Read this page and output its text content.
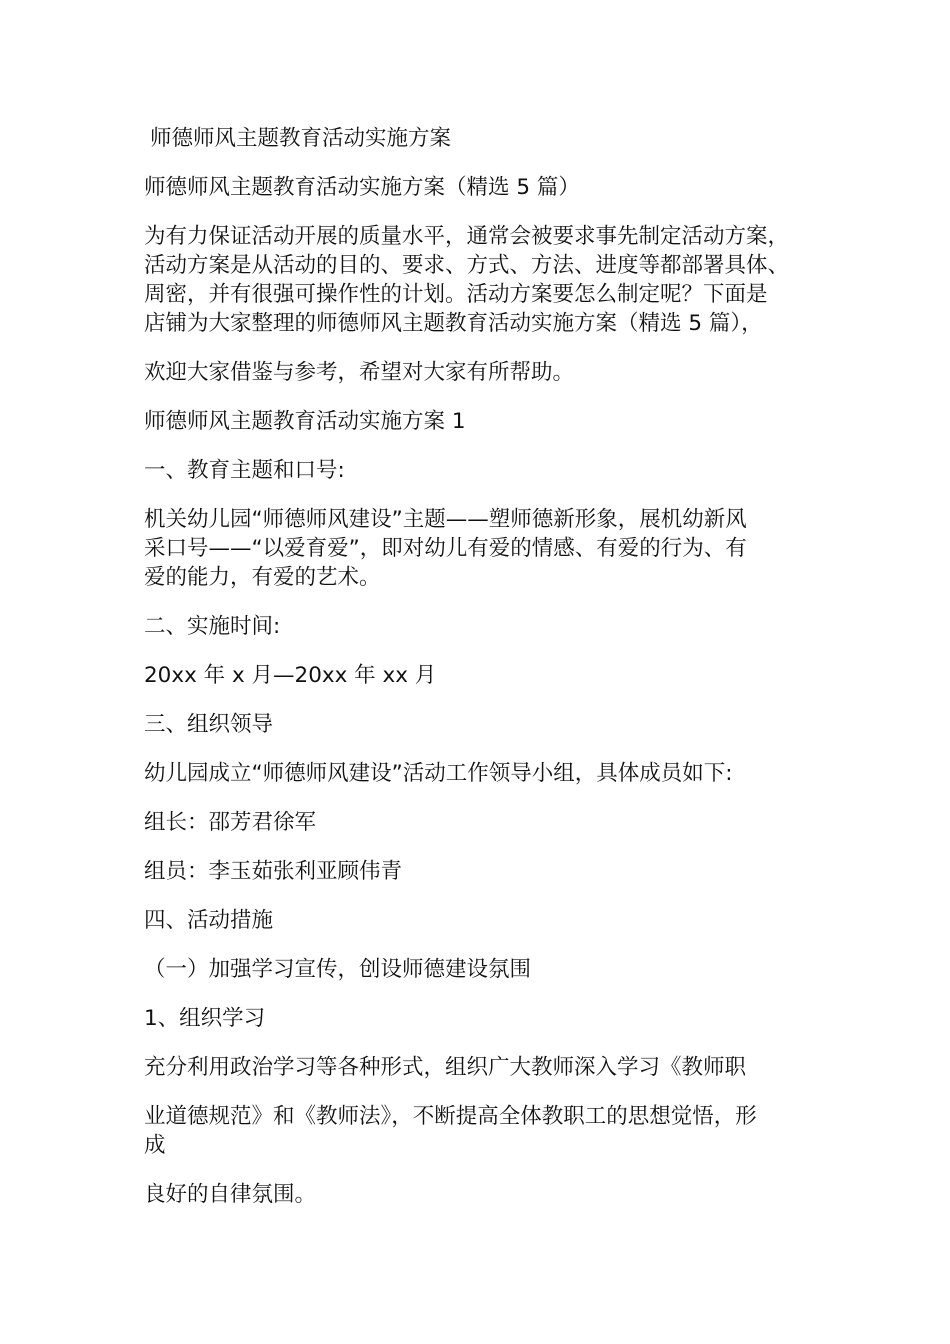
师德师风主题教育活动实施方案

师德师风主题教育活动实施方案（精选 5 篇）

为有力保证活动开展的质量水平，通常会被要求事先制定活动方案，

活动方案是从活动的目的、要求、方式、方法、进度等都部署具体、

周密，并有很强可操作性的计划。活动方案要怎么制定呢？下面是

店铺为大家整理的师德师风主题教育活动实施方案（精选 5 篇），

欢迎大家借鉴与参考，希望对大家有所帮助。

师德师风主题教育活动实施方案 1

一、教育主题和口号:

机关幼儿园“师德师风建设”主题——塑师德新形象，展机幼新风

采口号——“以爱育爱”，即对幼儿有爱的情感、有爱的行为、有

爱的能力，有爱的艺术。

二、实施时间:

20xx 年 x 月—20xx 年 xx 月

三、组织领导

幼儿园成立“师德师风建设”活动工作领导小组，具体成员如下:

组长：邵芳君徐军

组员：李玉茹张利亚顾伟青

四、活动措施

（一）加强学习宣传，创设师德建设氛围

1、组织学习

充分利用政治学习等各种形式，组织广大教师深入学习《教师职

业道德规范》和《教师法》，不断提高全体教职工的思想觉悟，形

成

良好的自律氛围。
